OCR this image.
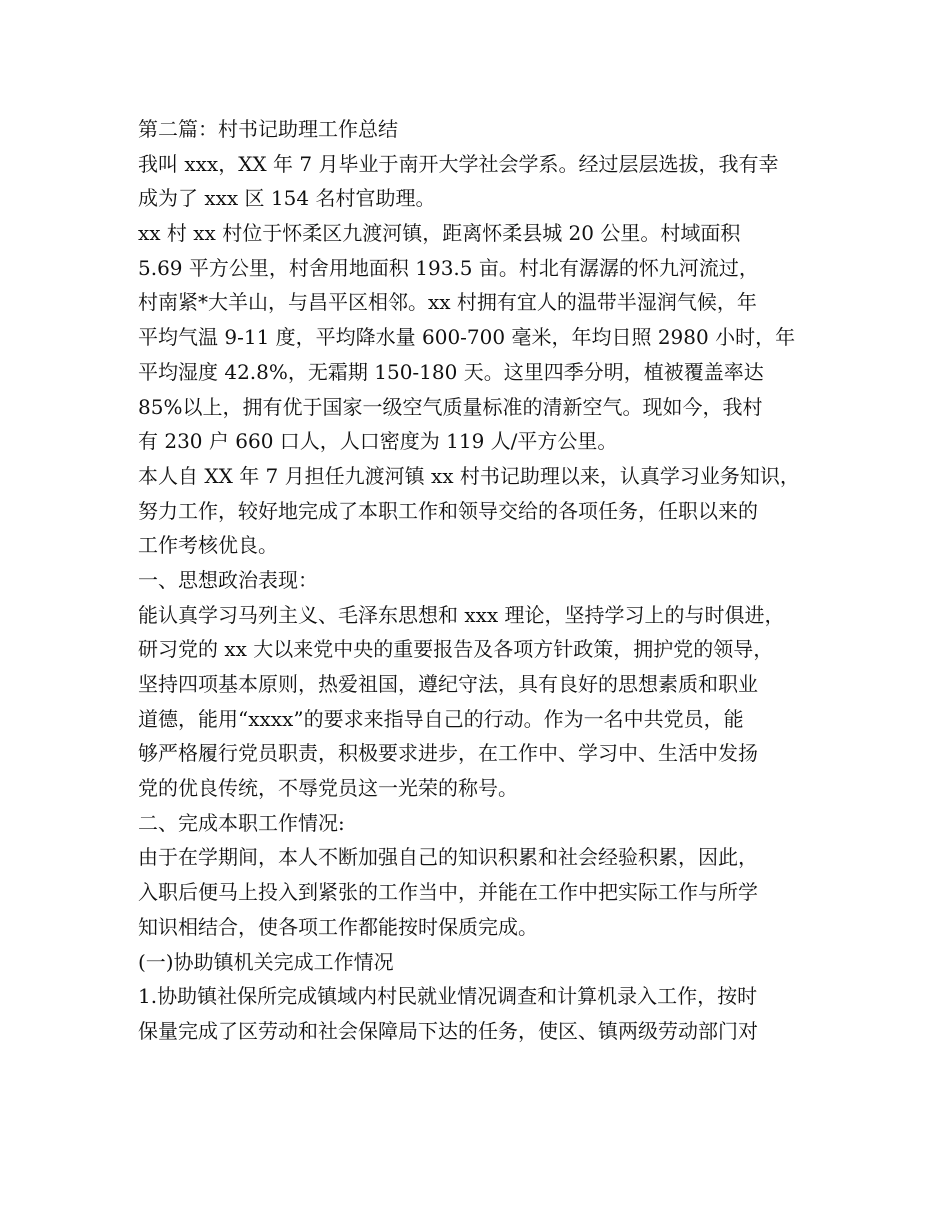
第二篇：村书记助理工作总结
我叫 xxx，XX 年 7 月毕业于南开大学社会学系。经过层层选拔，我有幸
成为了 xxx 区 154 名村官助理。
xx 村 xx 村位于怀柔区九渡河镇，距离怀柔县城 20 公里。村域面积
5.69 平方公里，村舍用地面积 193.5 亩。村北有潺潺的怀九河流过，
村南紧*大羊山，与昌平区相邻。xx 村拥有宜人的温带半湿润气候，年
平均气温 9-11 度，平均降水量 600-700 毫米，年均日照 2980 小时，年
平均湿度 42.8%，无霜期 150-180 天。这里四季分明，植被覆盖率达
85%以上，拥有优于国家一级空气质量标准的清新空气。现如今，我村
有 230 户 660 口人，人口密度为 119 人/平方公里。
本人自 XX 年 7 月担任九渡河镇 xx 村书记助理以来，认真学习业务知识，
努力工作，较好地完成了本职工作和领导交给的各项任务，任职以来的
工作考核优良。
一、思想政治表现：
能认真学习马列主义、毛泽东思想和 xxx 理论，坚持学习上的与时俱进，
研习党的 xx 大以来党中央的重要报告及各项方针政策，拥护党的领导，
坚持四项基本原则，热爱祖国，遵纪守法，具有良好的思想素质和职业
道德，能用“xxxx”的要求来指导自己的行动。作为一名中共党员，能
够严格履行党员职责，积极要求进步，在工作中、学习中、生活中发扬
党的优良传统，不辱党员这一光荣的称号。
二、完成本职工作情况:
由于在学期间，本人不断加强自己的知识积累和社会经验积累，因此，
入职后便马上投入到紧张的工作当中，并能在工作中把实际工作与所学
知识相结合，使各项工作都能按时保质完成。
(一)协助镇机关完成工作情况
1.协助镇社保所完成镇域内村民就业情况调查和计算机录入工作，按时
保量完成了区劳动和社会保障局下达的任务，使区、镇两级劳动部门对
